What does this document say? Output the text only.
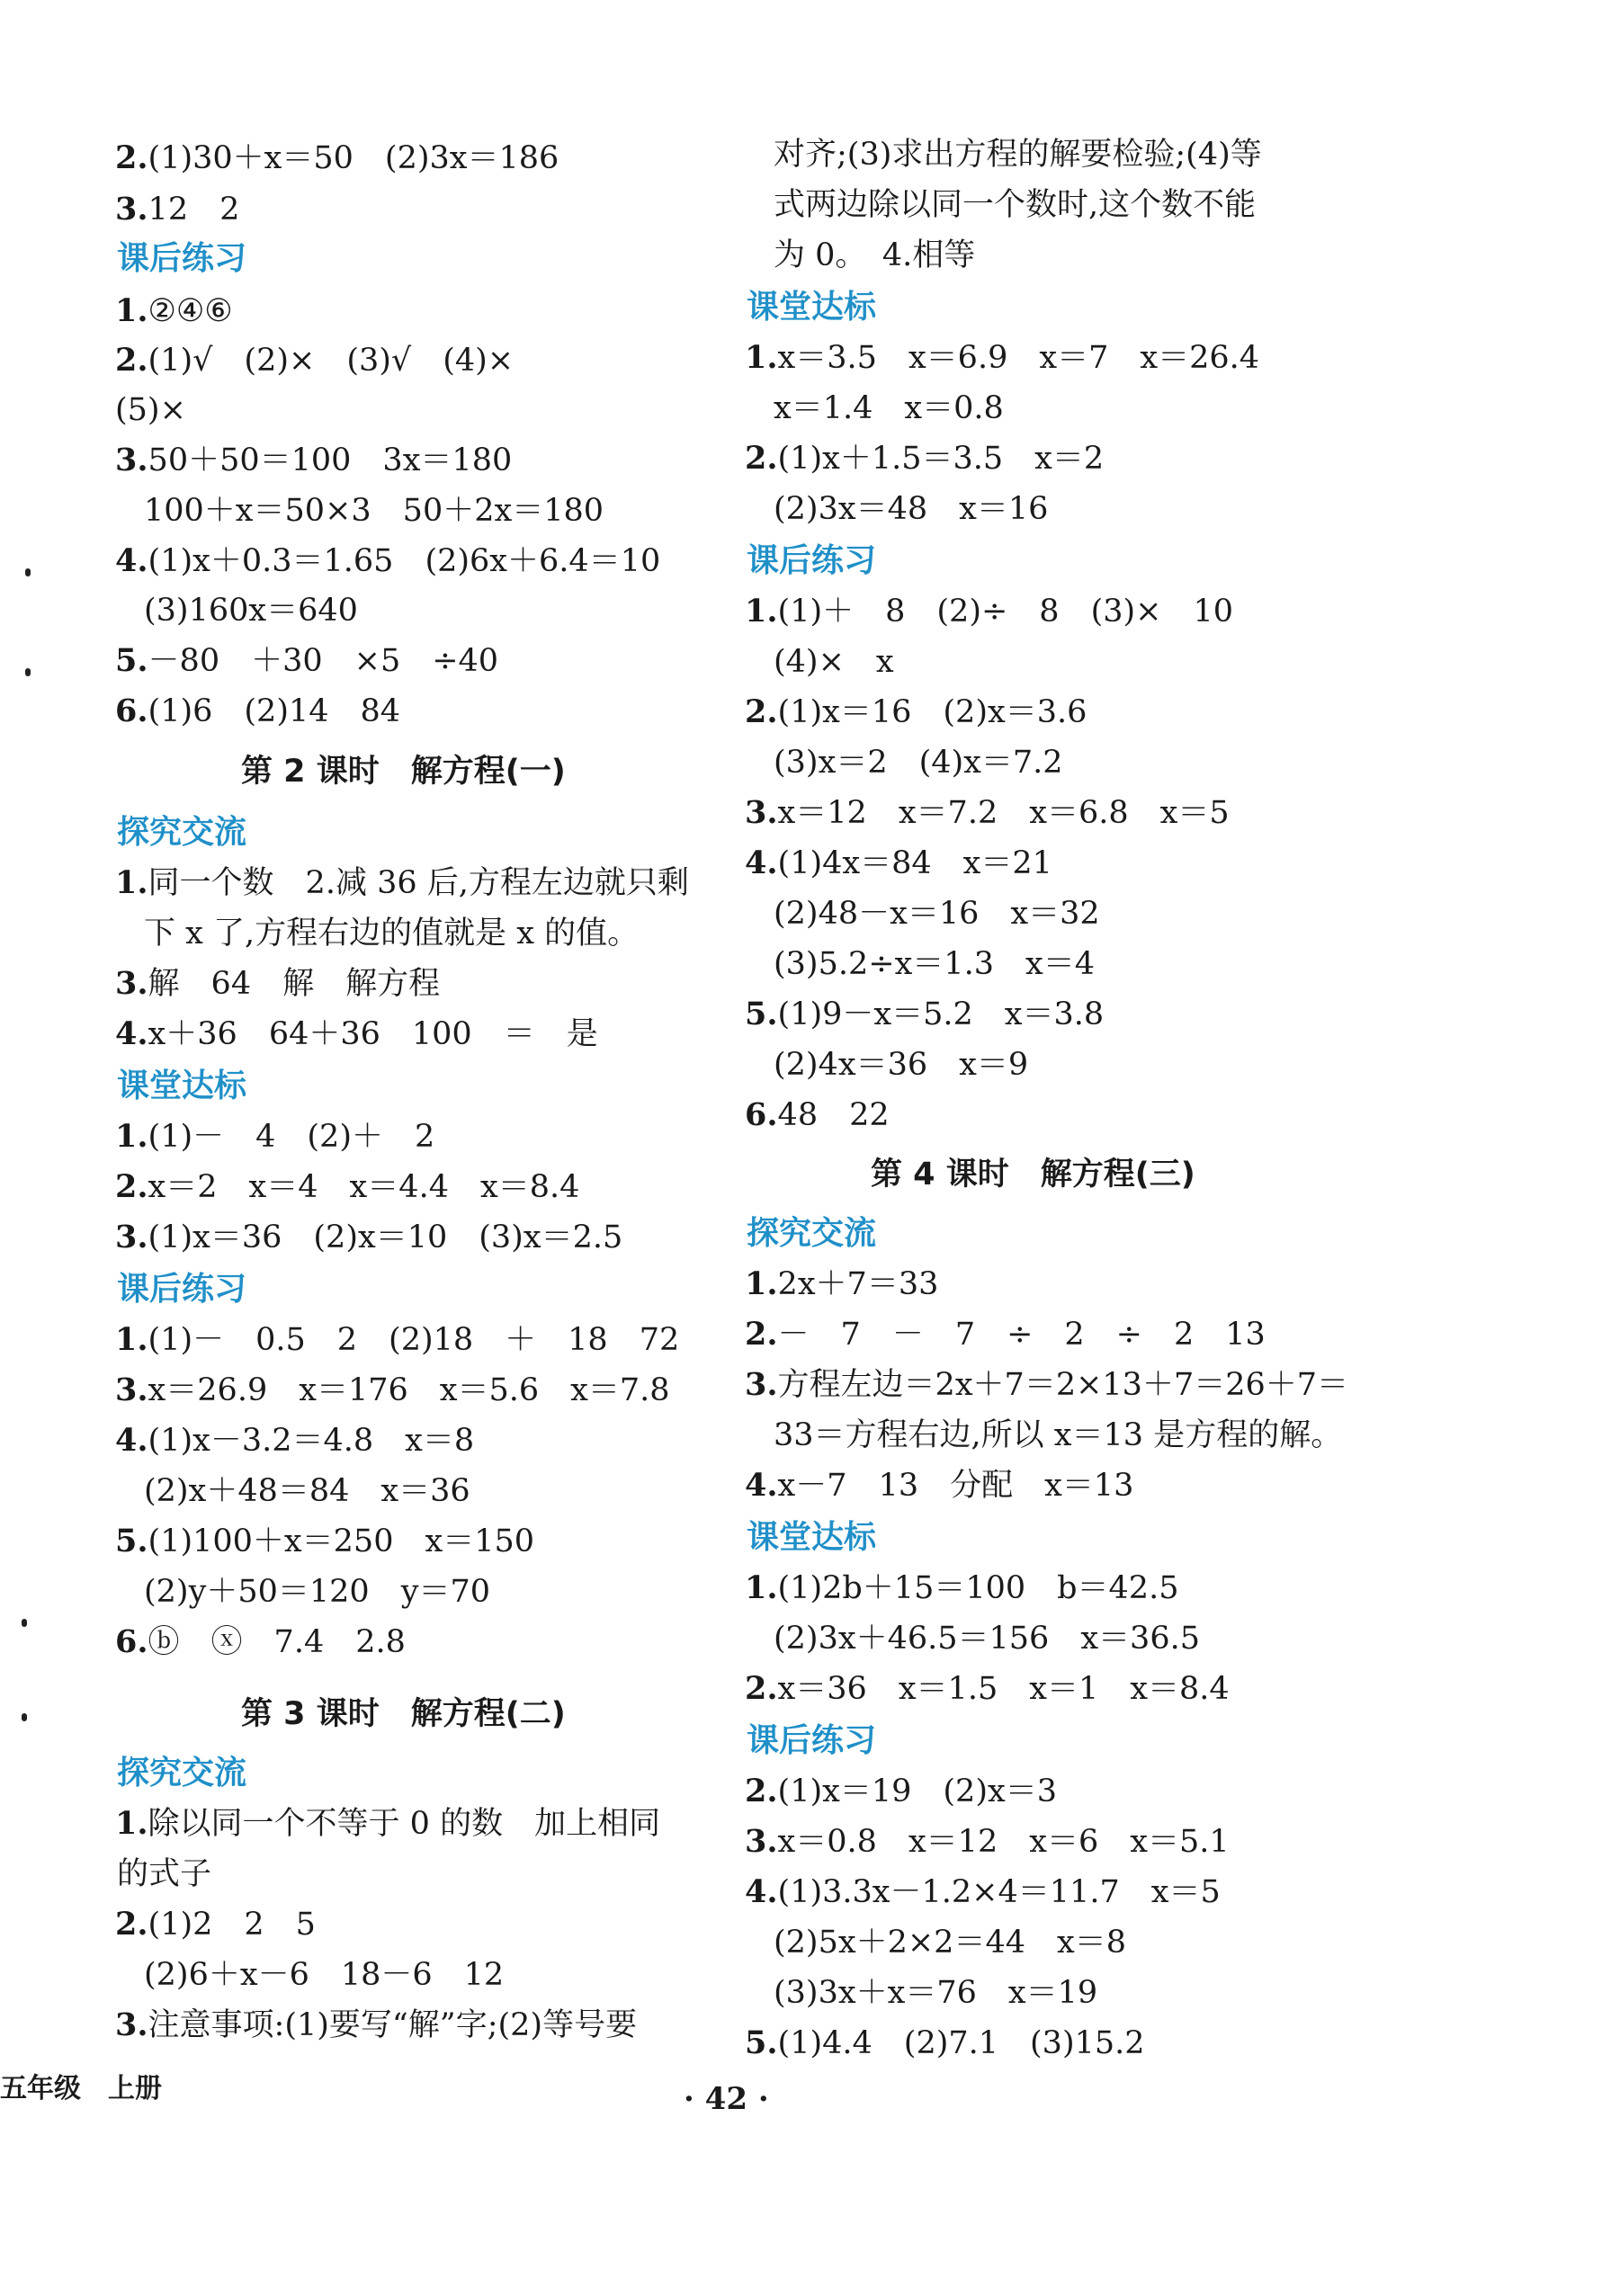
2.(1)30＋x＝50　(2)3x＝186
3.12　2
课后练习
1.②④⑥
2.(1)√　(2)×　(3)√　(4)×
(5)×
3.50＋50＝100　3x＝180
100＋x＝50×3　50＋2x＝180
4.(1)x＋0.3＝1.65　(2)6x＋6.4＝10
(3)160x＝640
5.－80　＋30　×5　÷40
6.(1)6　(2)14　84
第 2 课时　解方程(一)
探究交流
1.同一个数　2.减 36 后,方程左边就只剩
下 x 了,方程右边的值就是 x 的值。
3.解　64　解　解方程
4.x＋36　64＋36　100　＝　是
课堂达标
1.(1)－　4　(2)＋　2
2.x＝2　x＝4　x＝4.4　x＝8.4
3.(1)x＝36　(2)x＝10　(3)x＝2.5
课后练习
1.(1)－　0.5　2　(2)18　＋　18　72
3.x＝26.9　x＝176　x＝5.6　x＝7.8
4.(1)x－3.2＝4.8　x＝8
(2)x＋48＝84　x＝36
5.(1)100＋x＝250　x＝150
(2)y＋50＝120　y＝70
6.ⓑ　ⓧ　7.4　2.8
第 3 课时　解方程(二)
探究交流
1.除以同一个不等于 0 的数　加上相同
的式子
2.(1)2　2　5
(2)6＋x－6　18－6　12
3.注意事项:(1)要写“解”字;(2)等号要
对齐;(3)求出方程的解要检验;(4)等
式两边除以同一个数时,这个数不能
为 0。　4.相等
课堂达标
1.x＝3.5　x＝6.9　x＝7　x＝26.4
x＝1.4　x＝0.8
2.(1)x＋1.5＝3.5　x＝2
(2)3x＝48　x＝16
课后练习
1.(1)＋　8　(2)÷　8　(3)×　10
(4)×　x
2.(1)x＝16　(2)x＝3.6
(3)x＝2　(4)x＝7.2
3.x＝12　x＝7.2　x＝6.8　x＝5
4.(1)4x＝84　x＝21
(2)48－x＝16　x＝32
(3)5.2÷x＝1.3　x＝4
5.(1)9－x＝5.2　x＝3.8
(2)4x＝36　x＝9
6.48　22
第 4 课时　解方程(三)
探究交流
1.2x＋7＝33
2.－　7　－　7　÷　2　÷　2　13
3.方程左边＝2x＋7＝2×13＋7＝26＋7＝
33＝方程右边,所以 x＝13 是方程的解。
4.x－7　13　分配　x＝13
课堂达标
1.(1)2b＋15＝100　b＝42.5
(2)3x＋46.5＝156　x＝36.5
2.x＝36　x＝1.5　x＝1　x＝8.4
课后练习
2.(1)x＝19　(2)x＝3
3.x＝0.8　x＝12　x＝6　x＝5.1
4.(1)3.3x－1.2×4＝11.7　x＝5
(2)5x＋2×2＝44　x＝8
(3)3x＋x＝76　x＝19
5.(1)4.4　(2)7.1　(3)15.2
五年级　上册	· 42 ·
